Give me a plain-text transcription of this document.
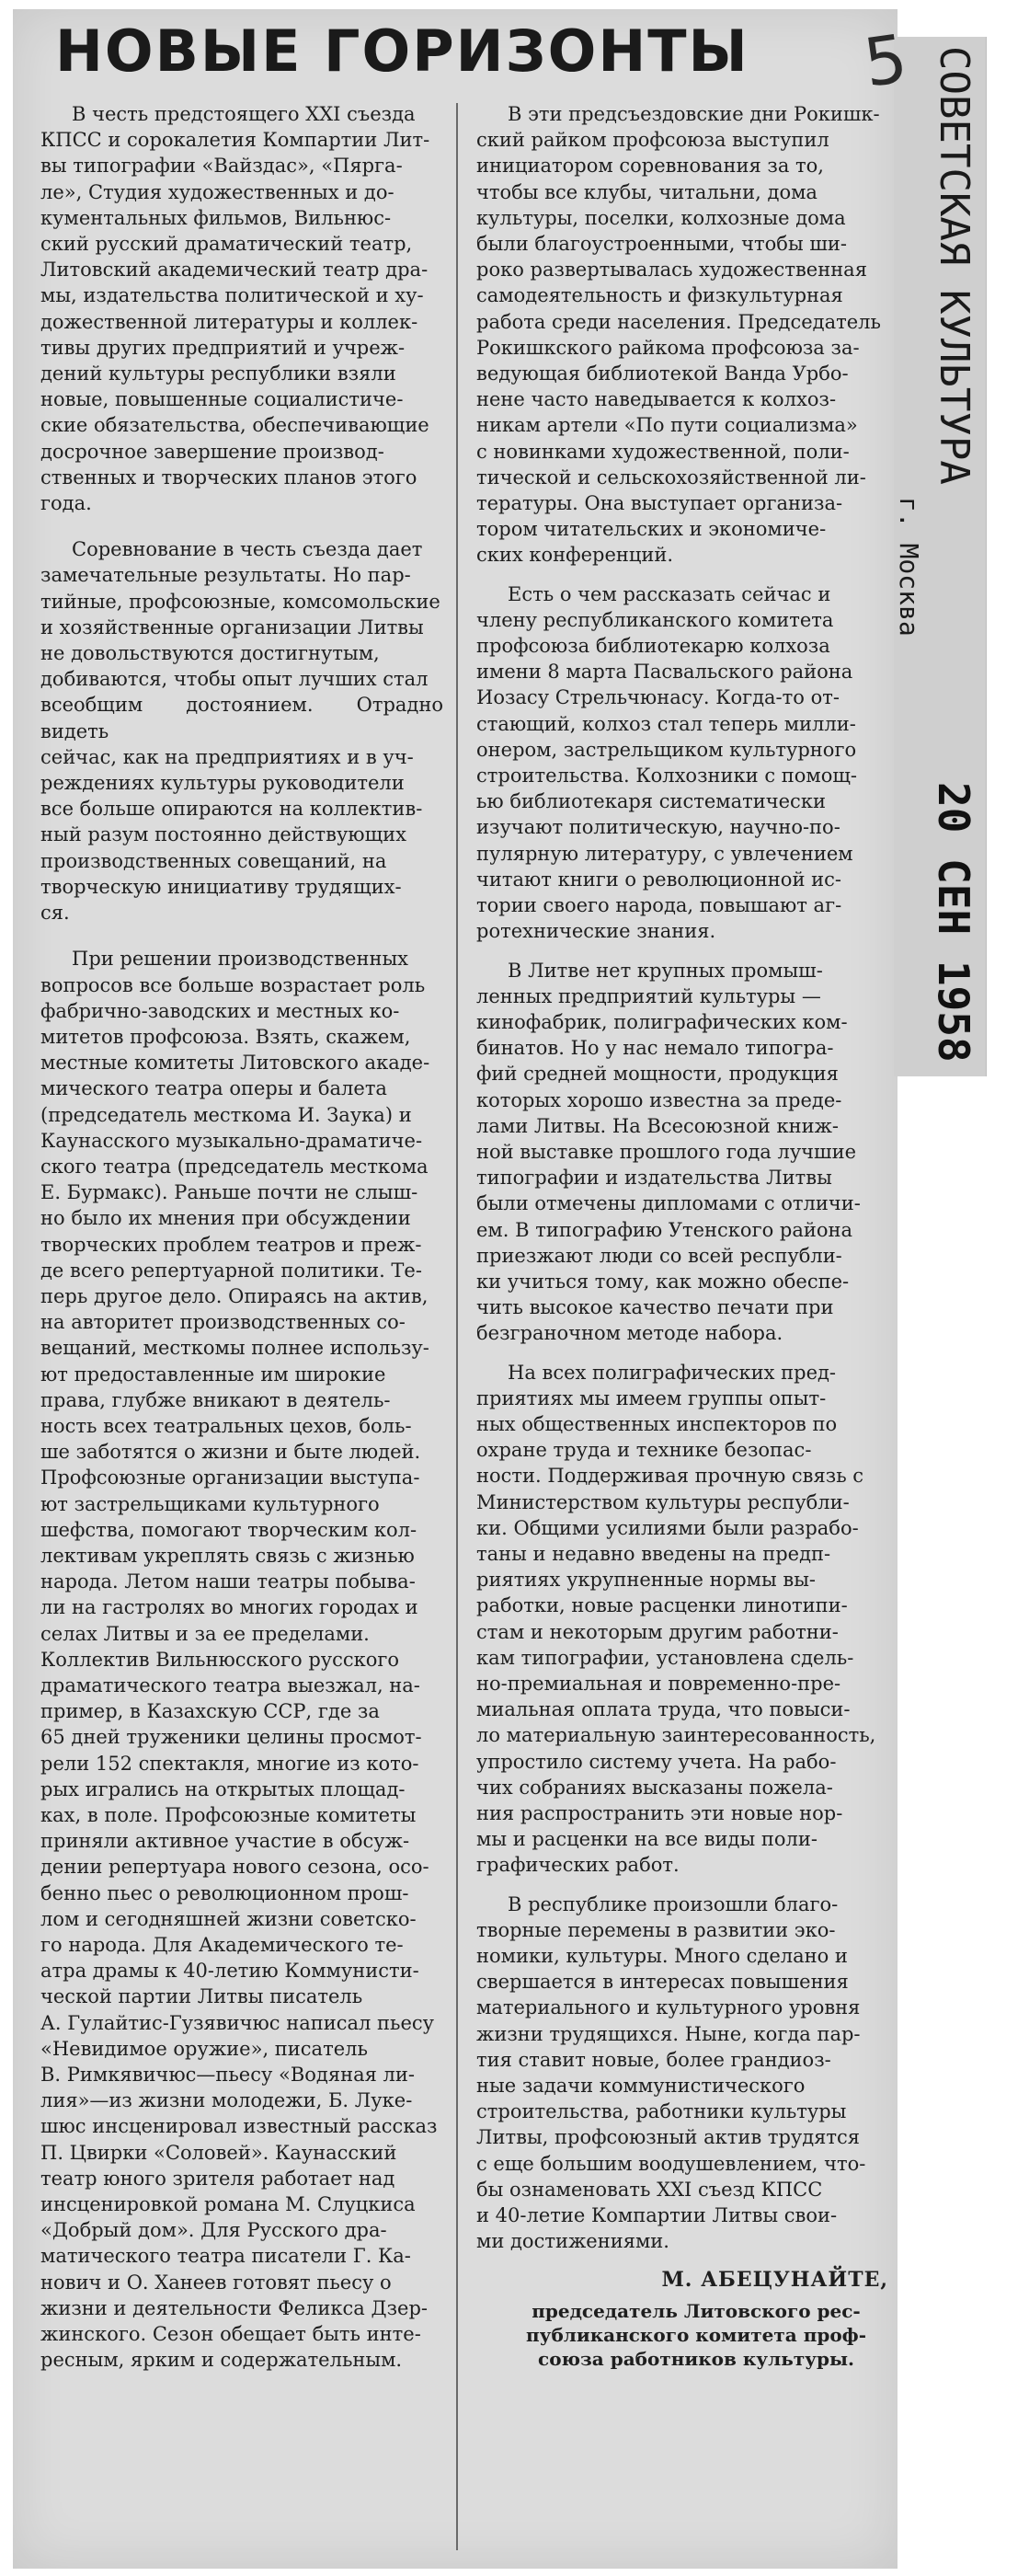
НОВЫЕ ГОРИЗОНТЫ	5

В честь предстоящего XXI съезда
КПСС и сорокалетия Компартии Лит-
вы типографии «Вайздас», «Пярга-
ле», Студия художественных и до-
кументальных фильмов, Вильнюс-
ский русский драматический театр,
Литовский академический театр дра-
мы, издательства политической и ху-
дожественной литературы и коллек-
тивы других предприятий и учреж-
дений культуры республики взяли
новые, повышенные социалистиче-
ские обязательства, обеспечивающие
досрочное завершение производ-
ственных и творческих планов этого
года.

Соревнование в честь съезда дает
замечательные результаты. Но пар-
тийные, профсоюзные, комсомольские
и хозяйственные организации Литвы
не довольствуются достигнутым,
добиваются, чтобы опыт лучших стал
всеобщим достоянием. Отрадно видеть
сейчас, как на предприятиях и в уч-
реждениях культуры руководители
все больше опираются на коллектив-
ный разум постоянно действующих
производственных совещаний, на
творческую инициативу трудящих-
ся.

При решении производственных
вопросов все больше возрастает роль
фабрично-заводских и местных ко-
митетов профсоюза. Взять, скажем,
местные комитеты Литовского акаде-
мического театра оперы и балета
(председатель месткома И. Заука) и
Каунасского музыкально-драматиче-
ского театра (председатель месткома
Е. Бурмакс). Раньше почти не слыш-
но было их мнения при обсуждении
творческих проблем театров и преж-
де всего репертуарной политики. Те-
перь другое дело. Опираясь на актив,
на авторитет производственных со-
вещаний, месткомы полнее использу-
ют предоставленные им широкие
права, глубже вникают в деятель-
ность всех театральных цехов, боль-
ше заботятся о жизни и быте людей.
Профсоюзные организации выступа-
ют застрельщиками культурного
шефства, помогают творческим кол-
лективам укреплять связь с жизнью
народа. Летом наши театры побыва-
ли на гастролях во многих городах и
селах Литвы и за ее пределами.
Коллектив Вильнюсского русского
драматического театра выезжал, на-
пример, в Казахскую ССР, где за
65 дней труженики целины просмот-
рели 152 спектакля, многие из кото-
рых игрались на открытых площад-
ках, в поле. Профсоюзные комитеты
приняли активное участие в обсуж-
дении репертуара нового сезона, осо-
бенно пьес о революционном прош-
лом и сегодняшней жизни советско-
го народа. Для Академического те-
атра драмы к 40-летию Коммунисти-
ческой партии Литвы писатель
А. Гулайтис-Гузявичюс написал пьесу
«Невидимое оружие», писатель
В. Римкявичюс—пьесу «Водяная ли-
лия»—из жизни молодежи, Б. Луке-
шюс инсценировал известный рассказ
П. Цвирки «Соловей». Каунасский
театр юного зрителя работает над
инсценировкой романа М. Слуцкиса
«Добрый дом». Для Русского дра-
матического театра писатели Г. Ка-
нович и О. Ханеев готовят пьесу о
жизни и деятельности Феликса Дзер-
жинского. Сезон обещает быть инте-
ресным, ярким и содержательным.

В эти предсъездовские дни Рокишк-
ский райком профсоюза выступил
инициатором соревнования за то,
чтобы все клубы, читальни, дома
культуры, поселки, колхозные дома
были благоустроенными, чтобы ши-
роко развертывалась художественная
самодеятельность и физкультурная
работа среди населения. Председатель
Рокишкского райкома профсоюза за-
ведующая библиотекой Ванда Урбо-
нене часто наведывается к колхоз-
никам артели «По пути социализма»
с новинками художественной, поли-
тической и сельскохозяйственной ли-
тературы. Она выступает организа-
тором читательских и экономиче-
ских конференций.

Есть о чем рассказать сейчас и
члену республиканского комитета
профсоюза библиотекарю колхоза
имени 8 марта Пасвальского района
Иозасу Стрельчюнасу. Когда-то от-
стающий, колхоз стал теперь милли-
онером, застрельщиком культурного
строительства. Колхозники с помощ-
ью библиотекаря систематически
изучают политическую, научно-по-
пулярную литературу, с увлечением
читают книги о революционной ис-
тории своего народа, повышают аг-
ротехнические знания.

В Литве нет крупных промыш-
ленных предприятий культуры —
кинофабрик, полиграфических ком-
бинатов. Но у нас немало типогра-
фий средней мощности, продукция
которых хорошо известна за преде-
лами Литвы. На Всесоюзной книж-
ной выставке прошлого года лучшие
типографии и издательства Литвы
были отмечены дипломами с отличи-
ем. В типографию Утенского района
приезжают люди со всей республи-
ки учиться тому, как можно обеспе-
чить высокое качество печати при
безграночном методе набора.

На всех полиграфических пред-
приятиях мы имеем группы опыт-
ных общественных инспекторов по
охране труда и технике безопас-
ности. Поддерживая прочную связь с
Министерством культуры республи-
ки. Общими усилиями были разрабо-
таны и недавно введены на предп-
риятиях укрупненные нормы вы-
работки, новые расценки линотипи-
стам и некоторым другим работни-
кам типографии, установлена сдель-
но-премиальная и повременно-пре-
миальная оплата труда, что повыси-
ло материальную заинтересованность,
упростило систему учета. На рабо-
чих собраниях высказаны пожела-
ния распространить эти новые нор-
мы и расценки на все виды поли-
графических работ.

В республике произошли благо-
творные перемены в развитии эко-
номики, культуры. Много сделано и
свершается в интересах повышения
материального и культурного уровня
жизни трудящихся. Ныне, когда пар-
тия ставит новые, более грандиоз-
ные задачи коммунистического
строительства, работники культуры
Литвы, профсоюзный актив трудятся
с еще большим воодушевлением, что-
бы ознаменовать XXI съезд КПСС
и 40-летие Компартии Литвы свои-
ми достижениями.

М. АБЕЦУНАЙТЕ,
председатель Литовского рес-
публиканского комитета проф-
союза работников культуры.
СОВЕТСКАЯ КУЛЬТУРА
г. Москва
20 СЕН 1958
